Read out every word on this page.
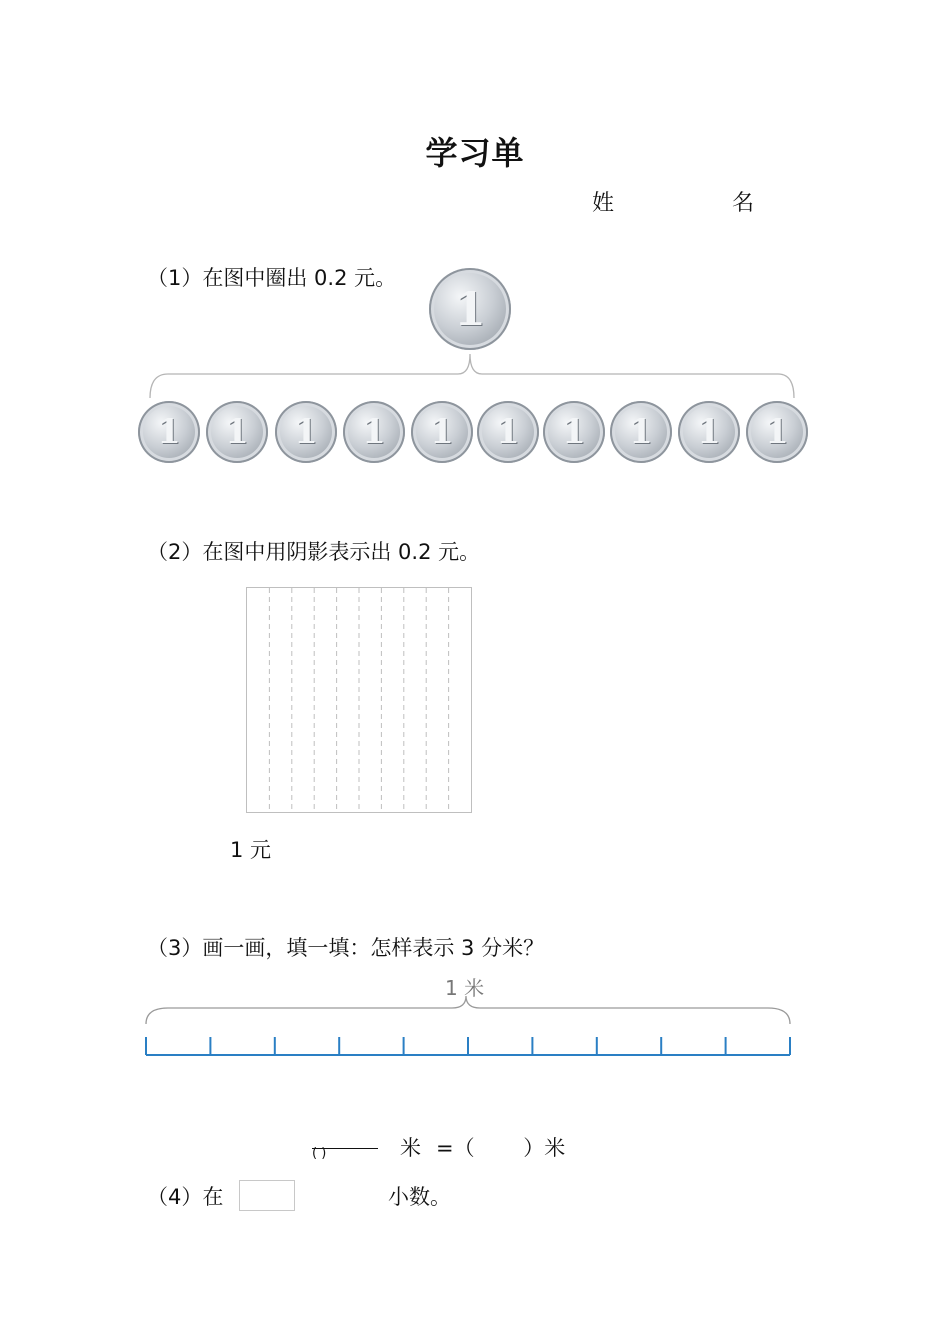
学习单
姓	名
（1）在图中圈出 0.2 元。
1
1 1 1 1 1 1 1 1 1 1
（2）在图中用阴影表示出 0.2 元。
1 元
（3）画一画，填一填：怎样表示 3 分米？
1 米
( )	米 =（　　 ）米
（4）在	小数。
